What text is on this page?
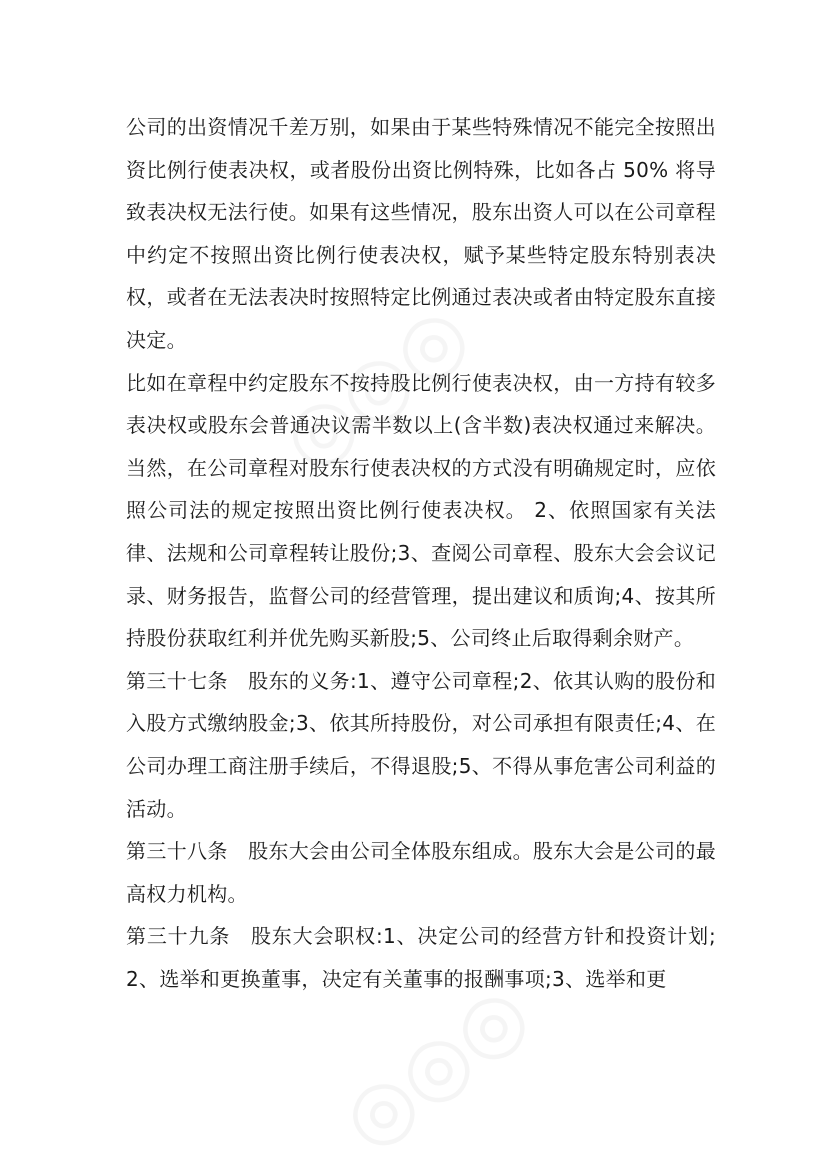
公司的出资情况千差万别，如果由于某些特殊情况不能完全按照出资比例行使表决权，或者股份出资比例特殊，比如各占 50% 将导致表决权无法行使。如果有这些情况，股东出资人可以在公司章程中约定不按照出资比例行使表决权，赋予某些特定股东特别表决权，或者在无法表决时按照特定比例通过表决或者由特定股东直接决定。

比如在章程中约定股东不按持股比例行使表决权，由一方持有较多表决权或股东会普通决议需半数以上(含半数)表决权通过来解决。当然，在公司章程对股东行使表决权的方式没有明确规定时，应依照公司法的规定按照出资比例行使表决权。 2、依照国家有关法律、法规和公司章程转让股份;3、查阅公司章程、股东大会会议记录、财务报告，监督公司的经营管理，提出建议和质询;4、按其所持股份获取红利并优先购买新股;5、公司终止后取得剩余财产。

第三十七条　股东的义务:1、遵守公司章程;2、依其认购的股份和入股方式缴纳股金;3、依其所持股份，对公司承担有限责任;4、在公司办理工商注册手续后，不得退股;5、不得从事危害公司利益的活动。

第三十八条　股东大会由公司全体股东组成。股东大会是公司的最高权力机构。

第三十九条　股东大会职权:1、决定公司的经营方针和投资计划;2、选举和更换董事，决定有关董事的报酬事项;3、选举和更
